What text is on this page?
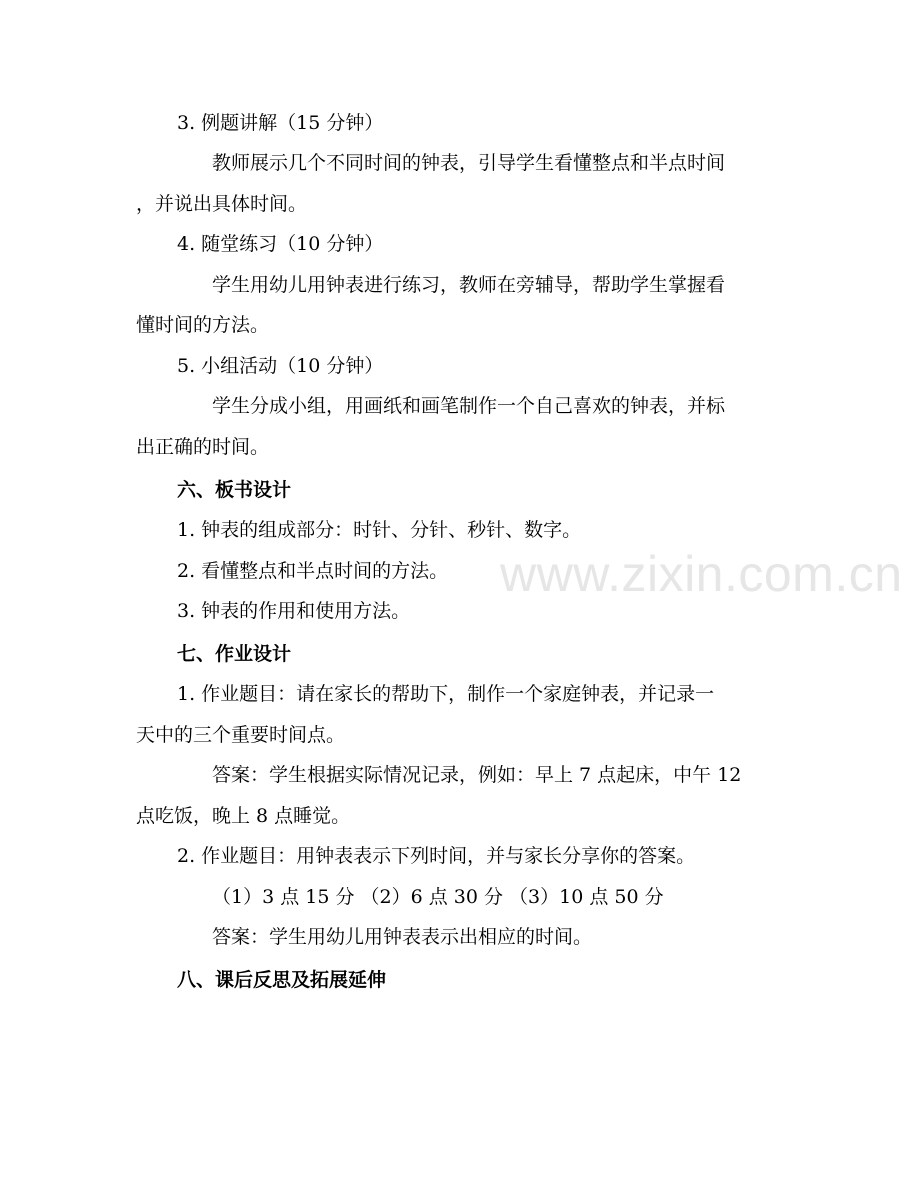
www.zixin.com.cn
3. 例题讲解（15 分钟）
教师展示几个不同时间的钟表，引导学生看懂整点和半点时间
，并说出具体时间。
4. 随堂练习（10 分钟）
学生用幼儿用钟表进行练习，教师在旁辅导，帮助学生掌握看
懂时间的方法。
5. 小组活动（10 分钟）
学生分成小组，用画纸和画笔制作一个自己喜欢的钟表，并标
出正确的时间。
六、板书设计
1. 钟表的组成部分：时针、分针、秒针、数字。
2. 看懂整点和半点时间的方法。
3. 钟表的作用和使用方法。
七、作业设计
1. 作业题目：请在家长的帮助下，制作一个家庭钟表，并记录一
天中的三个重要时间点。
答案：学生根据实际情况记录，例如：早上 7 点起床，中午 12
点吃饭，晚上 8 点睡觉。
2. 作业题目：用钟表表示下列时间，并与家长分享你的答案。
（1）3 点 15 分 （2）6 点 30 分 （3）10 点 50 分
答案：学生用幼儿用钟表表示出相应的时间。
八、课后反思及拓展延伸
